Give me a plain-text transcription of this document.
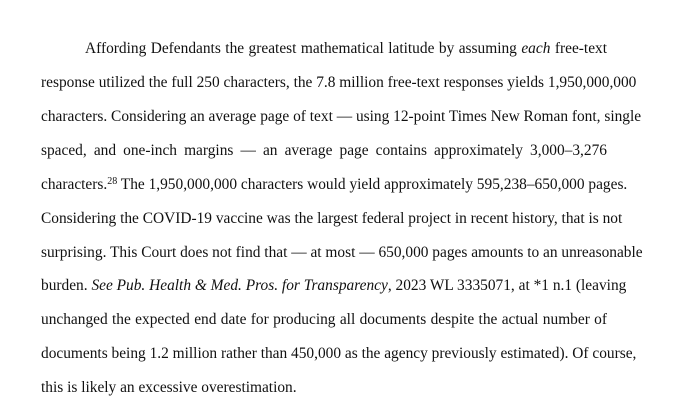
Affording Defendants the greatest mathematical latitude by assuming each free-text
response utilized the full 250 characters, the 7.8 million free-text responses yields 1,950,000,000
characters. Considering an average page of text — using 12-point Times New Roman font, single
spaced, and one-inch margins — an average page contains approximately 3,000–3,276
characters.$^{28}$ The 1,950,000,000 characters would yield approximately 595,238–650,000 pages.
Considering the COVID-19 vaccine was the largest federal project in recent history, that is not
surprising. This Court does not find that — at most — 650,000 pages amounts to an unreasonable
burden. See Pub. Health & Med. Pros. for Transparency, 2023 WL 3335071, at *1 n.1 (leaving
unchanged the expected end date for producing all documents despite the actual number of
documents being 1.2 million rather than 450,000 as the agency previously estimated). Of course,
this is likely an excessive overestimation.
